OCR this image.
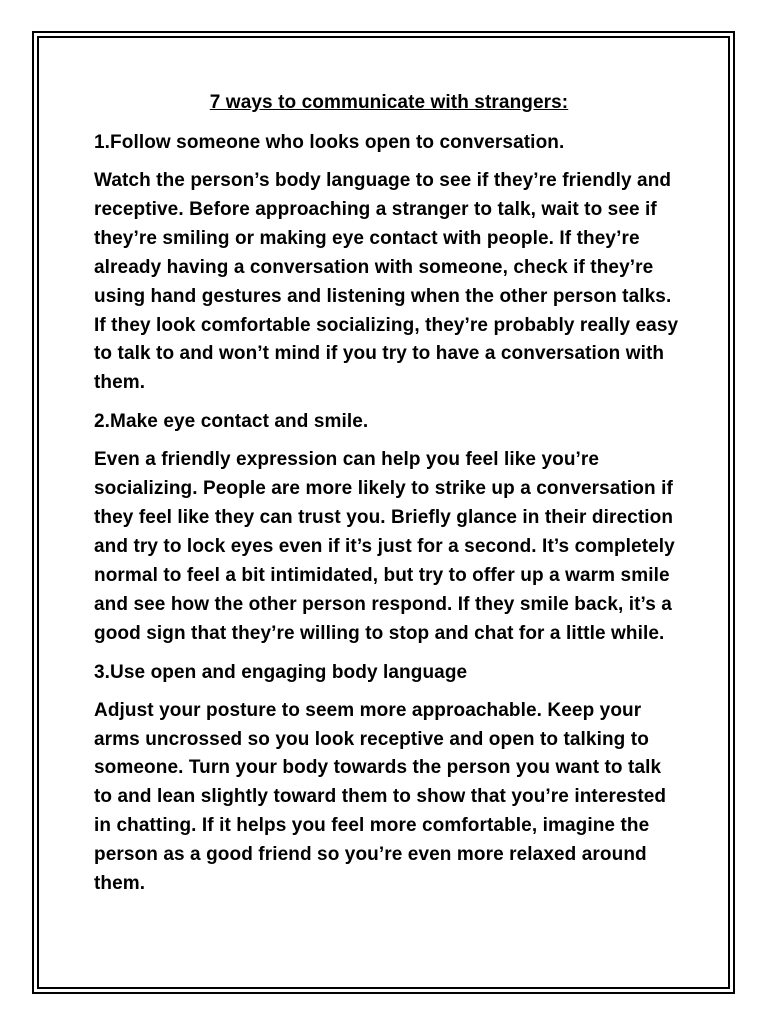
7 ways to communicate with strangers:

1.Follow someone who looks open to conversation.

Watch the person’s body language to see if they’re friendly and receptive. Before approaching a stranger to talk, wait to see if they’re smiling or making eye contact with people. If they’re already having a conversation with someone, check if they’re using hand gestures and listening when the other person talks. If they look comfortable socializing, they’re probably really easy to talk to and won’t mind if you try to have a conversation with them.

2.Make eye contact and smile.

Even a friendly expression can help you feel like you’re socializing. People are more likely to strike up a conversation if they feel like they can trust you. Briefly glance in their direction and try to lock eyes even if it’s just for a second. It’s completely normal to feel a bit intimidated, but try to offer up a warm smile and see how the other person respond. If they smile back, it’s a good sign that they’re willing to stop and chat for a little while.

3.Use open and engaging body language

Adjust your posture to seem more approachable. Keep your arms uncrossed so you look receptive and open to talking to someone. Turn your body towards the person you want to talk to and lean slightly toward them to show that you’re interested in chatting. If it helps you feel more comfortable, imagine the person as a good friend so you’re even more relaxed around them.
